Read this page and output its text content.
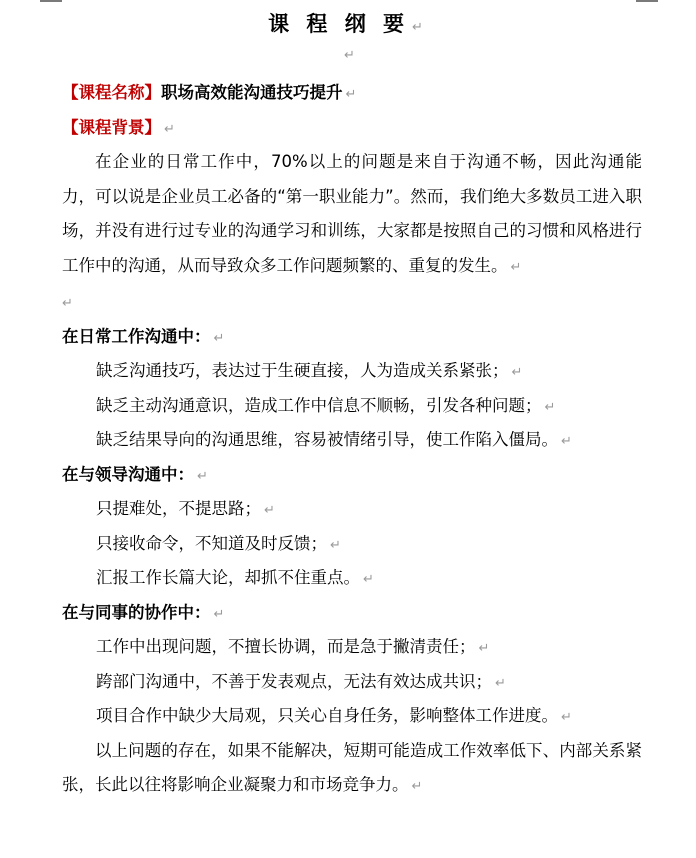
课 程 纲 要 ↵
↵
【课程名称】职场高效能沟通技巧提升 ↵
【课程背景】 ↵

在企业的日常工作中，70%以上的问题是来自于沟通不畅，因此沟通能力，可以说是企业员工必备的“第一职业能力”。然而，我们绝大多数员工进入职场，并没有进行过专业的沟通学习和训练，大家都是按照自己的习惯和风格进行工作中的沟通，从而导致众多工作问题频繁的、重复的发生。 ↵

↵
在日常工作沟通中： ↵
缺乏沟通技巧，表达过于生硬直接，人为造成关系紧张； ↵
缺乏主动沟通意识，造成工作中信息不顺畅，引发各种问题； ↵
缺乏结果导向的沟通思维，容易被情绪引导，使工作陷入僵局。 ↵
在与领导沟通中： ↵
只提难处，不提思路； ↵
只接收命令，不知道及时反馈； ↵
汇报工作长篇大论，却抓不住重点。 ↵
在与同事的协作中： ↵
工作中出现问题，不擅长协调，而是急于撇清责任； ↵
跨部门沟通中，不善于发表观点，无法有效达成共识； ↵
项目合作中缺少大局观，只关心自身任务，影响整体工作进度。 ↵

以上问题的存在，如果不能解决，短期可能造成工作效率低下、内部关系紧张，长此以往将影响企业凝聚力和市场竞争力。 ↵
